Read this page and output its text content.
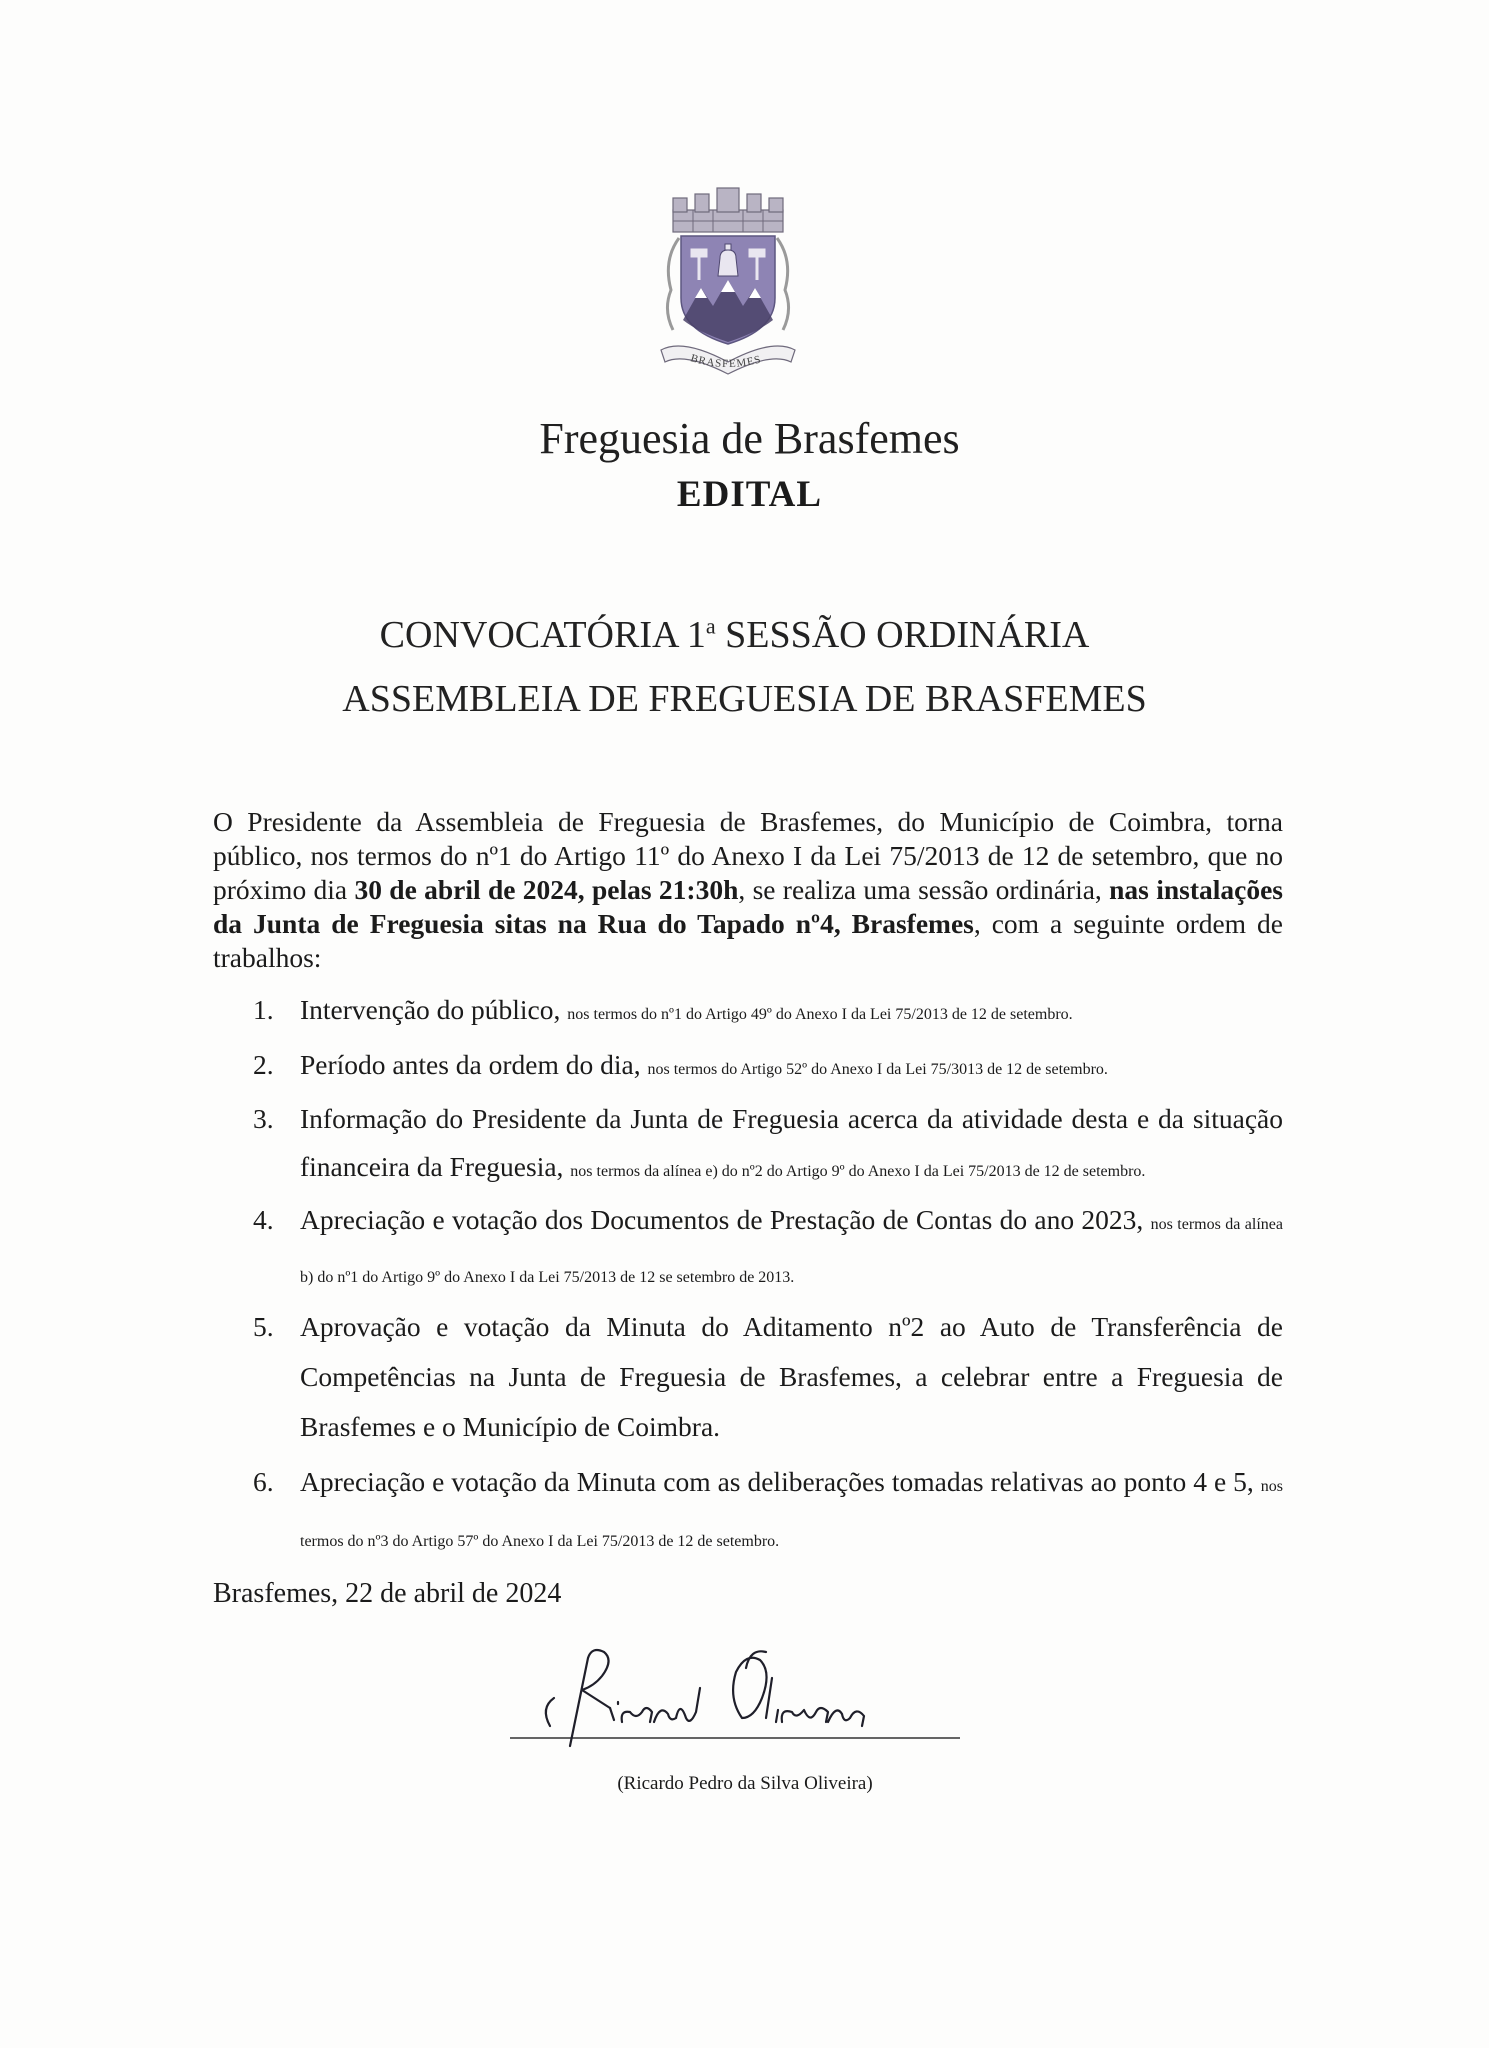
BRASFEMES
Freguesia de Brasfemes
EDITAL
CONVOCATÓRIA 1$^a$ SESSÃO ORDINÁRIA
ASSEMBLEIA DE FREGUESIA DE BRASFEMES
O Presidente da Assembleia de Freguesia de Brasfemes, do Município de Coimbra, torna público, nos termos do nº1 do Artigo 11º do Anexo I da Lei 75/2013 de 12 de setembro, que no próximo dia 30 de abril de 2024, pelas 21:30h, se realiza uma sessão ordinária, nas instalações da Junta de Freguesia sitas na Rua do Tapado nº4, Brasfemes, com a seguinte ordem de trabalhos:
1. Intervenção do público, nos termos do nº1 do Artigo 49º do Anexo I da Lei 75/2013 de 12 de setembro.
2. Período antes da ordem do dia, nos termos do Artigo 52º do Anexo I da Lei 75/3013 de 12 de setembro.
3. Informação do Presidente da Junta de Freguesia acerca da atividade desta e da situação financeira da Freguesia, nos termos da alínea e) do nº2 do Artigo 9º do Anexo I da Lei 75/2013 de 12 de setembro.
4. Apreciação e votação dos Documentos de Prestação de Contas do ano 2023, nos termos da alínea b) do nº1 do Artigo 9º do Anexo I da Lei 75/2013 de 12 se setembro de 2013.
5. Aprovação e votação da Minuta do Aditamento nº2 ao Auto de Transferência de Competências na Junta de Freguesia de Brasfemes, a celebrar entre a Freguesia de Brasfemes e o Município de Coimbra.
6. Apreciação e votação da Minuta com as deliberações tomadas relativas ao ponto 4 e 5, nos termos do nº3 do Artigo 57º do Anexo I da Lei 75/2013 de 12 de setembro.
Brasfemes, 22 de abril de 2024
(Ricardo Pedro da Silva Oliveira)
